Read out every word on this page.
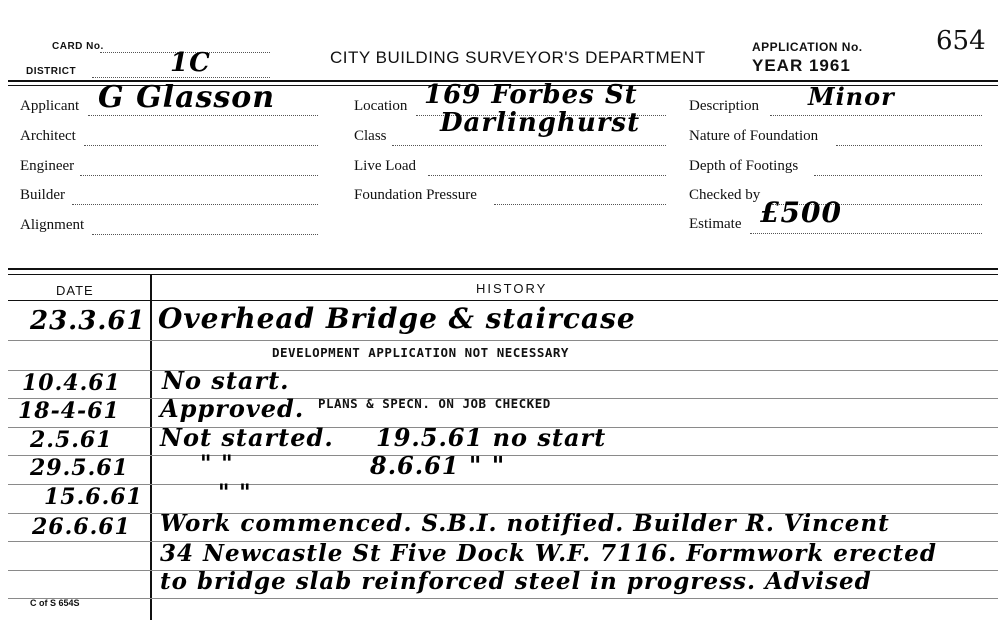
CARD No.
DISTRICT	1C	CITY BUILDING SURVEYOR'S DEPARTMENT
APPLICATION No.	654
YEAR 1961
Applicant G Glasson
Architect
Engineer
Builder
Alignment
Location 169 Forbes St
Class Darlinghurst
Live Load
Foundation Pressure
Description Minor
Nature of Foundation
Depth of Footings
Checked by
Estimate £500
DATE	HISTORY
23.3.61 Overhead Bridge & staircase
DEVELOPMENT APPLICATION NOT NECESSARY
10.4.61 No start.
18-4-61 Approved. PLANS & SPECN. ON JOB CHECKED
2.5.61 Not started. 19.5.61 no start
29.5.61	" "	8.6.61 " "
15.6.61	" "
26.6.61 Work commenced. S.B.I. notified. Builder R. Vincent
34 Newcastle St Five Dock W.F. 7116. Formwork erected
to bridge slab reinforced steel in progress. Advised
C of S 654S
